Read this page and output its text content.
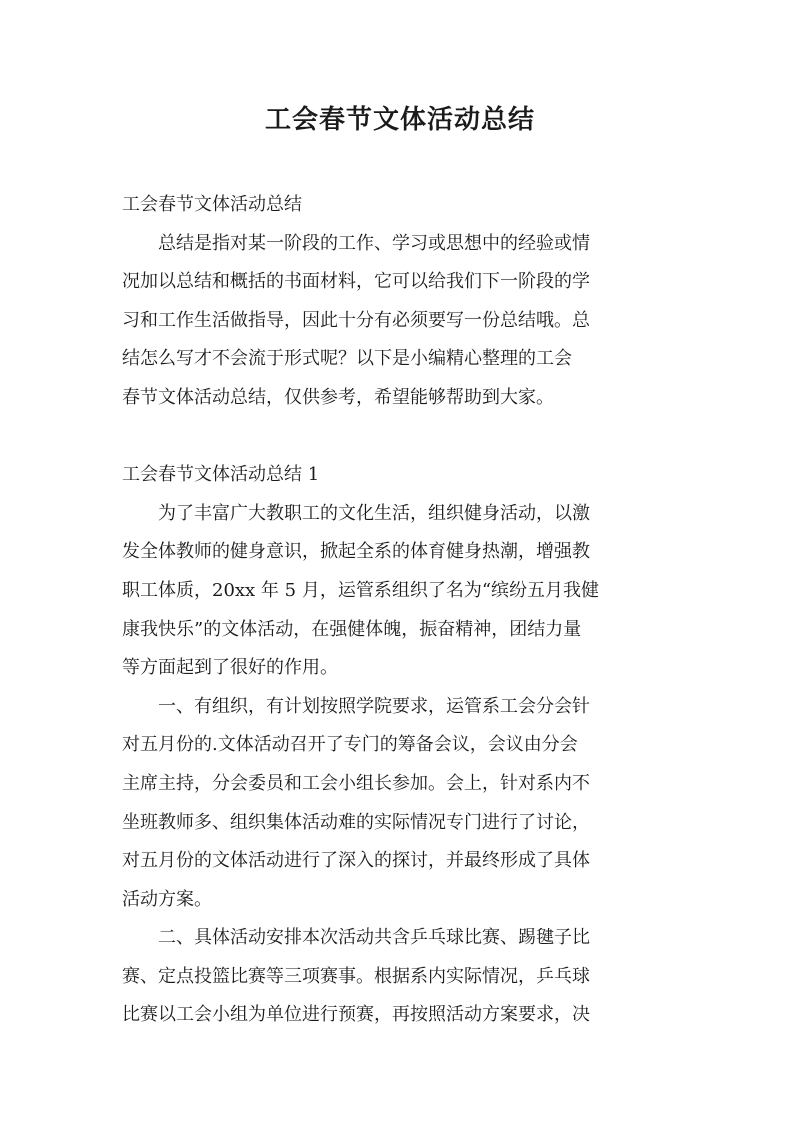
工会春节文体活动总结
工会春节文体活动总结
总结是指对某一阶段的工作、学习或思想中的经验或情
况加以总结和概括的书面材料，它可以给我们下一阶段的学
习和工作生活做指导，因此十分有必须要写一份总结哦。总
结怎么写才不会流于形式呢？以下是小编精心整理的工会
春节文体活动总结，仅供参考，希望能够帮助到大家。
工会春节文体活动总结 1
为了丰富广大教职工的文化生活，组织健身活动，以激
发全体教师的健身意识，掀起全系的体育健身热潮，增强教
职工体质，20xx 年 5 月，运管系组织了名为“缤纷五月我健
康我快乐”的文体活动，在强健体魄，振奋精神，团结力量
等方面起到了很好的作用。
一、有组织，有计划按照学院要求，运管系工会分会针
对五月份的.文体活动召开了专门的筹备会议，会议由分会
主席主持，分会委员和工会小组长参加。会上，针对系内不
坐班教师多、组织集体活动难的实际情况专门进行了讨论，
对五月份的文体活动进行了深入的探讨，并最终形成了具体
活动方案。
二、具体活动安排本次活动共含乒乓球比赛、踢毽子比
赛、定点投篮比赛等三项赛事。根据系内实际情况，乒乓球
比赛以工会小组为单位进行预赛，再按照活动方案要求，决
